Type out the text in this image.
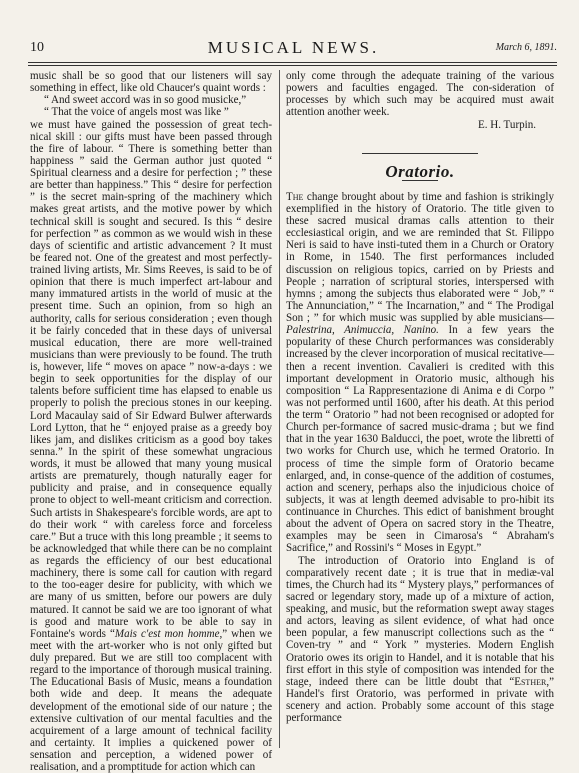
10	MUSICAL NEWS.	March 6, 1891.

music shall be so good that our listeners will say something in effect, like old Chaucer's quaint words :

“ And sweet accord was in so good musicke,”

“ That the voice of angels most was like ”

we must have gained the possession of great tech-nical skill : our gifts must have been passed through the fire of labour. “ There is something better than happiness ” said the German author just quoted “ Spiritual clearness and a desire for perfection ; ” these are better than happiness.” This “ desire for perfection ” is the secret main-spring of the machinery which makes great artists, and the motive power by which technical skill is sought and secured. Is this “ desire for perfection ” as common as we would wish in these days of scientific and artistic advancement ? It must be feared not. One of the greatest and most perfectly-trained living artists, Mr. Sims Reeves, is said to be of opinion that there is much imperfect art-labour and many immatured artists in the world of music at the present time. Such an opinion, from so high an authority, calls for serious consideration ; even though it be fairly conceded that in these days of universal musical education, there are more well-trained musicians than were previously to be found. The truth is, however, life “ moves on apace ” now-a-days : we begin to seek opportunities for the display of our talents before sufficient time has elapsed to enable us properly to polish the precious stones in our keeping. Lord Macaulay said of Sir Edward Bulwer afterwards Lord Lytton, that he “ enjoyed praise as a greedy boy likes jam, and dislikes criticism as a good boy takes senna.” In the spirit of these somewhat ungracious words, it must be allowed that many young musical artists are prematurely, though naturally eager for publicity and praise, and in consequence equally prone to object to well-meant criticism and correction. Such artists in Shakespeare's forcible words, are apt to do their work “ with careless force and forceless care.” But a truce with this long preamble ; it seems to be acknowledged that while there can be no complaint as regards the efficiency of our best educational machinery, there is some call for caution with regard to the too-eager desire for publicity, with which we are many of us smitten, before our powers are duly matured. It cannot be said we are too ignorant of what is good and mature work to be able to say in Fontaine's words “Mais c'est mon homme,” when we meet with the art-worker who is not only gifted but duly prepared. But we are still too complacent with regard to the importance of thorough musical training. The Educational Basis of Music, means a foundation both wide and deep. It means the adequate development of the emotional side of our nature ; the extensive cultivation of our mental faculties and the acquirement of a large amount of technical facility and certainty. It implies a quickened power of sensation and perception, a widened power of realisation, and a promptitude for action which can

only come through the adequate training of the various powers and faculties engaged. The con-sideration of processes by which such may be acquired must await attention another week.

E. H. Turpin.

Oratorio.

The change brought about by time and fashion is strikingly exemplified in the history of Oratorio. The title given to these sacred musical dramas calls attention to their ecclesiastical origin, and we are reminded that St. Filippo Neri is said to have insti-tuted them in a Church or Oratory in Rome, in 1540. The first performances included discussion on religious topics, carried on by Priests and People ; narration of scriptural stories, interspersed with hymns ; among the subjects thus elaborated were “ Job,” “ The Annunciation,” “ The Incarnation,” and “ The Prodigal Son ; ” for which music was supplied by able musicians—Palestrina, Animuccia, Nanino. In a few years the popularity of these Church performances was considerably increased by the clever incorporation of musical recitative—then a recent invention. Cavalieri is credited with this important development in Oratorio music, although his composition “ La Rappresentazione di Anima e di Corpo ” was not performed until 1600, after his death. At this period the term “ Oratorio ” had not been recognised or adopted for Church per-formance of sacred music-drama ; but we find that in the year 1630 Balducci, the poet, wrote the libretti of two works for Church use, which he termed Oratorio. In process of time the simple form of Oratorio became enlarged, and, in conse-quence of the addition of costumes, action and scenery, perhaps also the injudicious choice of subjects, it was at length deemed advisable to pro-hibit its continuance in Churches. This edict of banishment brought about the advent of Opera on sacred story in the Theatre, examples may be seen in Cimarosa's “ Abraham's Sacrifice,” and Rossini's “ Moses in Egypt.”

The introduction of Oratorio into England is of comparatively recent date ; it is true that in mediæ-val times, the Church had its “ Mystery plays,” performances of sacred or legendary story, made up of a mixture of action, speaking, and music, but the reformation swept away stages and actors, leaving as silent evidence, of what had once been popular, a few manuscript collections such as the “ Coven-try ” and “ York ” mysteries. Modern English Oratorio owes its origin to Handel, and it is notable that his first effort in this style of composition was intended for the stage, indeed there can be little doubt that “Esther,” Handel's first Oratorio, was performed in private with scenery and action. Probably some account of this stage performance
